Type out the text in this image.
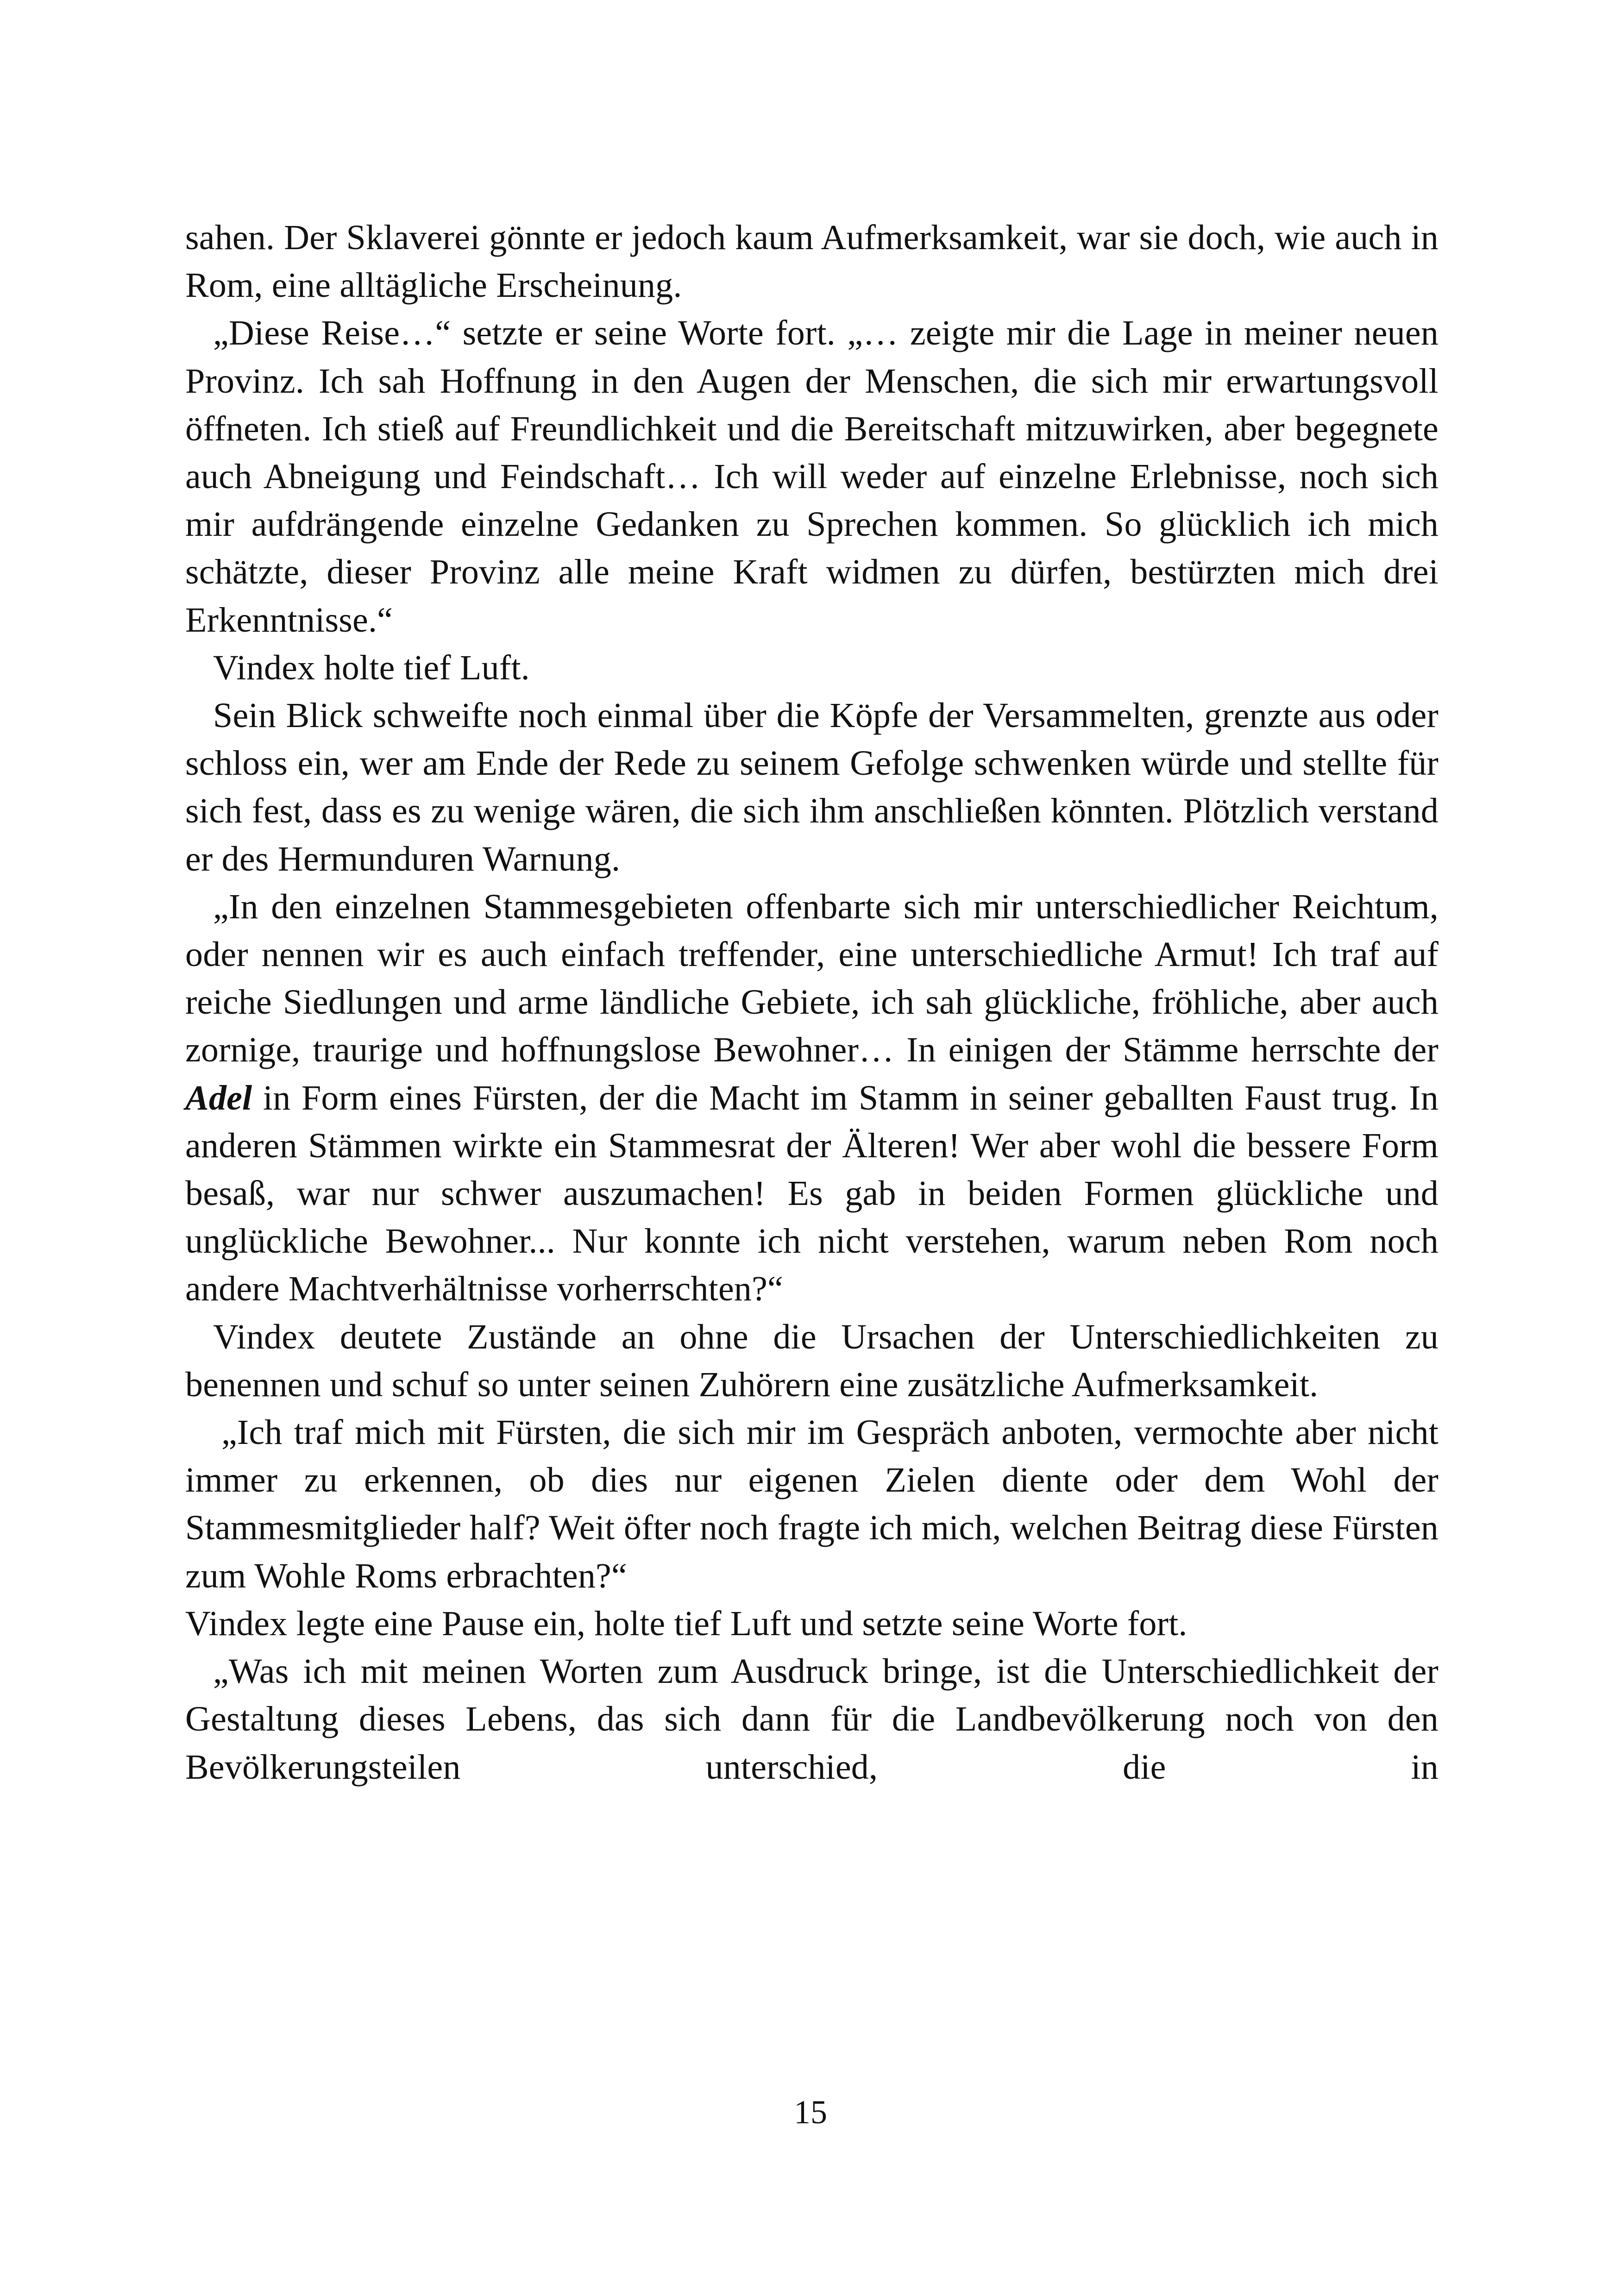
sahen. Der Sklaverei gönnte er jedoch kaum Aufmerksamkeit, war sie doch, wie auch in Rom, eine alltägliche Erscheinung.

„Diese Reise…“ setzte er seine Worte fort. „… zeigte mir die Lage in meiner neuen Provinz. Ich sah Hoffnung in den Augen der Menschen, die sich mir erwartungsvoll öffneten. Ich stieß auf Freundlichkeit und die Bereitschaft mitzuwirken, aber begegnete auch Abneigung und Feindschaft… Ich will weder auf einzelne Erlebnisse, noch sich mir aufdrängende einzelne Gedanken zu Sprechen kommen. So glücklich ich mich schätzte, dieser Provinz alle meine Kraft widmen zu dürfen, bestürzten mich drei Erkenntnisse.“

Vindex holte tief Luft.

Sein Blick schweifte noch einmal über die Köpfe der Versammelten, grenzte aus oder schloss ein, wer am Ende der Rede zu seinem Gefolge schwenken würde und stellte für sich fest, dass es zu wenige wären, die sich ihm anschließen könnten. Plötzlich verstand er des Hermunduren Warnung.

„In den einzelnen Stammesgebieten offenbarte sich mir unterschiedlicher Reichtum, oder nennen wir es auch einfach treffender, eine unterschiedliche Armut! Ich traf auf reiche Siedlungen und arme ländliche Gebiete, ich sah glückliche, fröhliche, aber auch zornige, traurige und hoffnungslose Bewohner… In einigen der Stämme herrschte der Adel in Form eines Fürsten, der die Macht im Stamm in seiner geballten Faust trug. In anderen Stämmen wirkte ein Stammesrat der Älteren! Wer aber wohl die bessere Form besaß, war nur schwer auszumachen! Es gab in beiden Formen glückliche und unglückliche Bewohner... Nur konnte ich nicht verstehen, warum neben Rom noch andere Machtverhältnisse vorherrschten?“

Vindex deutete Zustände an ohne die Ursachen der Unterschiedlichkeiten zu benennen und schuf so unter seinen Zuhörern eine zusätzliche Aufmerksamkeit.

„Ich traf mich mit Fürsten, die sich mir im Gespräch anboten, vermochte aber nicht immer zu erkennen, ob dies nur eigenen Zielen diente oder dem Wohl der Stammesmitglieder half? Weit öfter noch fragte ich mich, welchen Beitrag diese Fürsten zum Wohle Roms erbrachten?“

Vindex legte eine Pause ein, holte tief Luft und setzte seine Worte fort.

„Was ich mit meinen Worten zum Ausdruck bringe, ist die Unterschiedlichkeit der Gestaltung dieses Lebens, das sich dann für die Landbevölkerung noch von den Bevölkerungsteilen unterschied, die in

15
